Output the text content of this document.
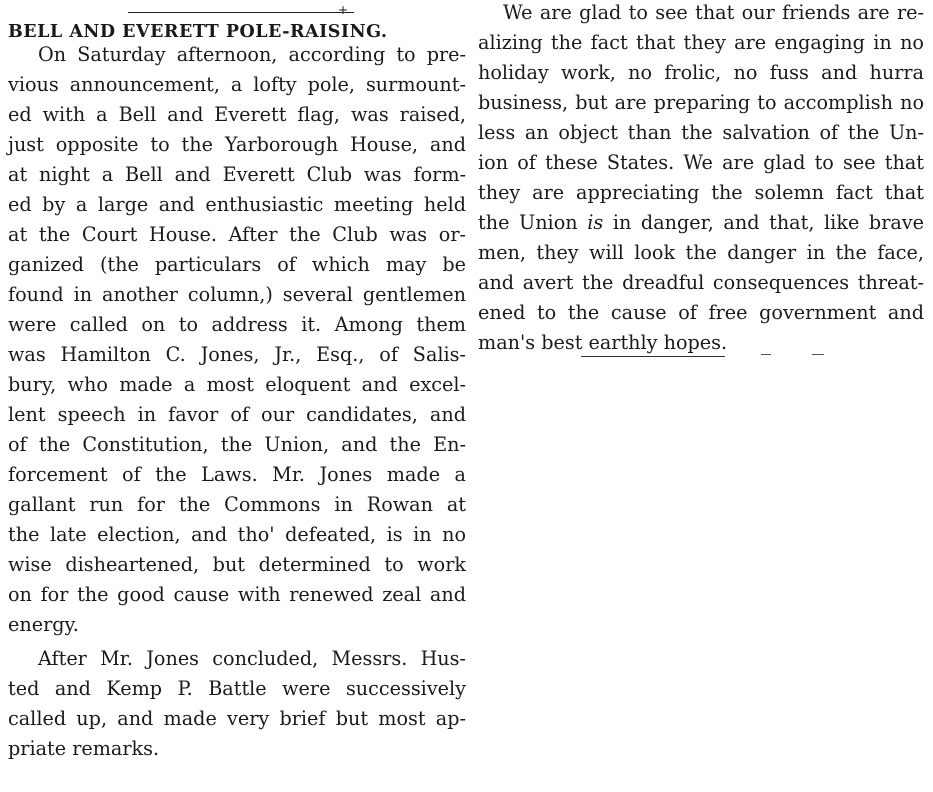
+
BELL AND EVERETT POLE-RAISING.
On Saturday afternoon, according to pre-
vious announcement, a lofty pole, surmount-
ed with a Bell and Everett flag, was raised,
just opposite to the Yarborough House, and
at night a Bell and Everett Club was form-
ed by a large and enthusiastic meeting held
at the Court House. After the Club was or-
ganized (the particulars of which may be
found in another column,) several gentlemen
were called on to address it. Among them
was Hamilton C. Jones, Jr., Esq., of Salis-
bury, who made a most eloquent and excel-
lent speech in favor of our candidates, and
of the Constitution, the Union, and the En-
forcement of the Laws. Mr. Jones made a
gallant run for the Commons in Rowan at
the late election, and tho' defeated, is in no
wise disheartened, but determined to work
on for the good cause with renewed zeal and
energy.
After Mr. Jones concluded, Messrs. Hus-
ted and Kemp P. Battle were successively
called up, and made very brief but most ap-
priate remarks.
We are glad to see that our friends are re-
alizing the fact that they are engaging in no
holiday work, no frolic, no fuss and hurra
business, but are preparing to accomplish no
less an object than the salvation of the Un-
ion of these States. We are glad to see that
they are appreciating the solemn fact that
the Union is in danger, and that, like brave
men, they will look the danger in the face,
and avert the dreadful consequences threat-
ened to the cause of free government and
man's best earthly hopes.
